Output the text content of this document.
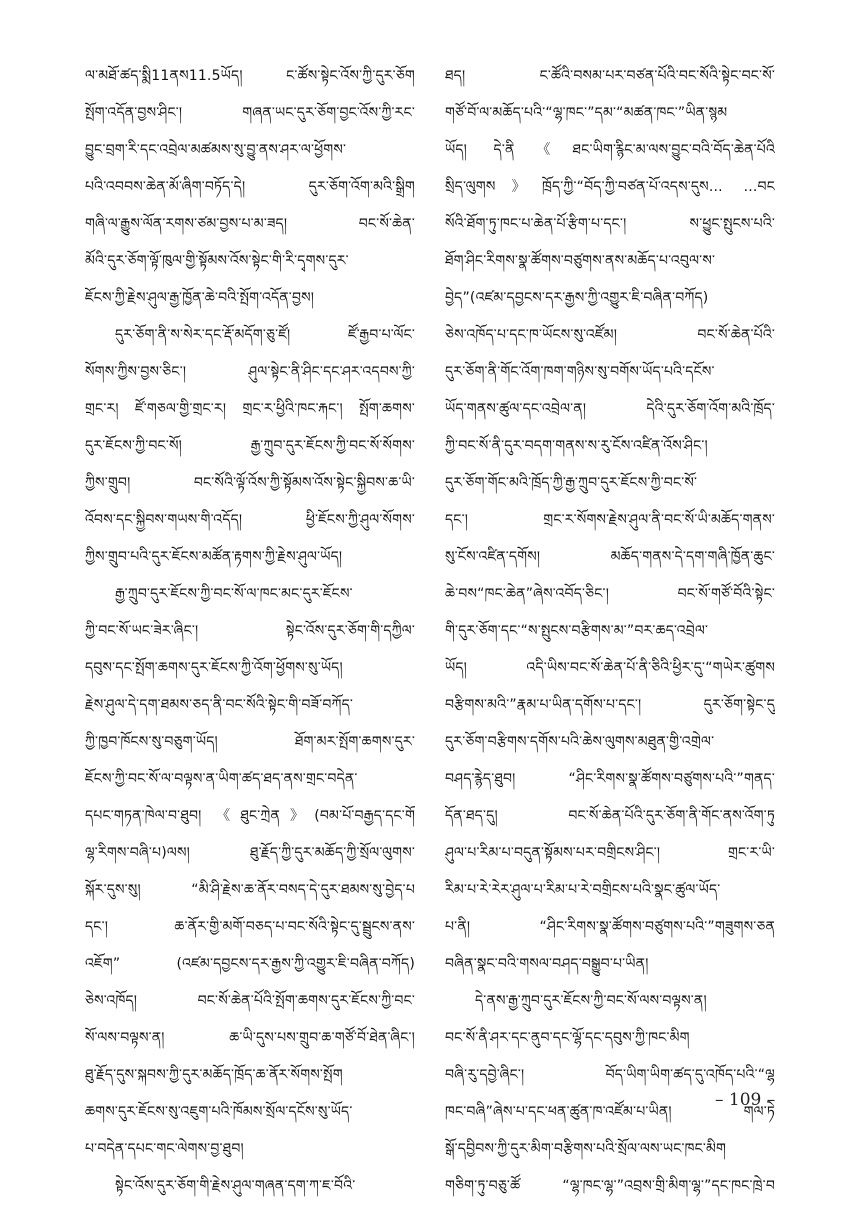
ལ་མཐོ་ཚད་སྨི11ནས11.5ཡོད། ང་ཚོས་སྟེང་འོས་ཀྱི་དུར་ཅོག
སྤོག་འདོན་བྱས་ཤིང་། གཞན་ཡང་དུར་ཅོག་བྱང་འོས་ཀྱི་རང་
བྱུང་བྲག་རི་དང་འབྲེལ་མཚམས་སུ་བྱུ་ནས་ཤར་ལ་ཕྱོགས་
པའི་འབབས་ཆེན་མོ་ཞིག་བཏོད་དེ། དུར་ཅོག་འོག་མའི་སྒྲིག
གཞི་ལ་རྒྱུས་ལོན་རགས་ཙམ་བྱས་པ་མ་ཟད། བང་སོ་ཆེན་
མོའི་དུར་ཅོག་ལྟོ་ཁུལ་གྱི་སྟོམས་འོས་སྟེང་གི་རི་དྭགས་དུར་
ཇོངས་ཀྱི་རྗེས་ཤུལ་རྒྱ་ཁྱོན་ཆེ་བའི་སྤོག་འདོན་བྱས།
དུར་ཅོག་ནི་ས་སེར་དང་རྡོ་མདོག་ཅུ་ཛོ། ཛོ་རྒྱབ་པ་ལོང་
སོགས་ཀྱིས་བྱས་ཅིང་། ཤུལ་སྟེང་ནི་ཤིང་དང་ཤར་འདབས་ཀྱི་
གྲང་ར། ཛོ་གཅལ་གྱི་གྲང་ར། གྲང་ར་ཕྱིའི་ཁང་རྐང་། སྤོག་ཆགས་
དུར་ཇོངས་ཀྱི་བང་སོ། རྒྱ་ཀྲུབ་དུར་ཇོངས་ཀྱི་བང་སོ་སོགས་
ཀྱིས་གྲུབ། བང་སོའི་ལྟོ་འོས་ཀྱི་སྟོམས་འོས་སྟེང་སྐྱིབས་ཆ་ཡི་
འོབས་དང་སྐྱིབས་གཡས་གི་འདོད། ཕྱི་ཇོངས་ཀྱི་ཤུལ་སོགས་
ཀྱིས་གྲུབ་པའི་དུར་ཇོངས་མཚོན་རྟགས་ཀྱི་རྗེས་ཤུལ་ཡོད།
རྒྱ་ཀྲུབ་དུར་ཇོངས་ཀྱི་བང་སོ་ལ་ཁང་མང་དུར་ཇོངས་
ཀྱི་བང་སོ་ཡང་ཟེར་ཞིང་། སྟེང་འོས་དུར་ཅོག་གི་དཀྱིལ་
དབུས་དང་སྤོག་ཆགས་དུར་ཇོངས་ཀྱི་འོག་ཕྱོགས་སུ་ཡོད།
རྗེས་ཤུལ་དེ་དག་ཐམས་ཅད་ནི་བང་སོའི་སྟེང་གི་བཟོ་བཀོད་
ཀྱི་ཁྱབ་ཁོངས་སུ་བཅུག་ཡོད། ཐོག་མར་སྤོག་ཆགས་དུར་
ཇོངས་ཀྱི་བང་སོ་ལ་བལྟས་ན་ཡིག་ཚད་ཐད་ནས་གྲང་བདེན་
དཔང་གཏན་ཁེལ་བ་ཐུབ། 《ཐུང་ཀྲེན》(བམ་པོ་བརྒྱད་དང་གོ
ལྷ་རིགས་བཞི་པ)ལས། ཐུ་རྗོད་ཀྱི་དུར་མཆོད་ཀྱི་སྲོལ་ལུགས་
སྐོར་དུས་སུ། “མི་ཤི་རྗེས་ཆ་ནོར་བསད་དེ་དུར་ཐམས་སུ་བྱེད་པ
དང་། ཆ་ནོར་གྱི་མགོ་བཅད་པ་བང་སོའི་སྟེང་དུ་སྦྲུངས་ནས་
འཇོག” (འཛམ་དབྱངས་དར་རྒྱས་ཀྱི་འགྱུར་ཇི་བཞིན་བཀོད)
ཅེས་འཁོད། བང་སོ་ཆེན་པོའི་སྤོག་ཆགས་དུར་ཇོངས་ཀྱི་བང་
སོ་ལས་བལྟས་ན། ཆ་ཡི་དུས་པས་གྲུབ་ཆ་གཙོ་བོ་ཐེན་ཞིང་།
ཐུ་རྗོད་དུས་སྐབས་ཀྱི་དུར་མཆོད་ཁྲོད་ཆ་ནོར་སོགས་སྤོག
ཆགས་དུར་ཇོངས་སུ་འཇུག་པའི་ཁོམས་སྲོལ་དངོས་སུ་ཡོད་
པ་བདེན་དཔང་གང་ལེགས་བྱ་ཐུབ།
སྟེང་འོས་དུར་ཅོག་གི་རྗེས་ཤུལ་གཞན་དག་ཀ་ཇ་བོའི་
ཐད། ང་ཚོའི་བསམ་པར་བཙན་པོའི་བང་སོའི་སྟེང་བང་སོ་
གཙོ་བོ་ལ་མཆོད་པའི་“ལྷ་ཁང་”དམ་“མཚན་ཁང་”ཡིན་སྙམ
ཡོད། དེ་ནི《ཐང་ཡིག་རྙིང་མ་ལས་བྱུང་བའི་བོད་ཆེན་པོའི
སྲིད་ལུགས》ཁྲོད་ཀྱི་“བོད་ཀྱི་བཙན་པོ་འདས་དུས... ...བང
སོའི་ཐོག་ཏུ་ཁང་པ་ཆེན་པོ་རྩིག་པ་དང་། ས་ཕྱུང་སྤུངས་པའི་
ཐོག་ཤིང་རིགས་སྣ་ཚོགས་བཙུགས་ནས་མཆོད་པ་འབུལ་ས་
བྱེད”(འཛམ་དབྱངས་དར་རྒྱས་ཀྱི་འགྱུར་ཇི་བཞིན་བཀོད)
ཅེས་འཁོད་པ་དང་ཁ་ཡོངས་སུ་འཛོམ། བང་སོ་ཆེན་པོའི་
དུར་ཅོག་ནི་གོང་འོག་ཁག་གཉིས་སུ་བགོས་ཡོད་པའི་དངོས་
ཡོད་གནས་ཚུལ་དང་འབྲེལ་ན། དེའི་དུར་ཅོག་འོག་མའི་ཁྲོད་
ཀྱི་བང་སོ་ནི་དུར་བདག་གནས་ས་རུ་ངོས་འཛིན་འོས་ཤིང་།
དུར་ཅོག་གོང་མའི་ཁྲོད་ཀྱི་རྒྱ་ཀྲུབ་དུར་ཇོངས་ཀྱི་བང་སོ་
དང་། གྲང་ར་སོགས་རྗེས་ཤུལ་ནི་བང་སོ་ཡི་མཆོད་གནས་
སུ་ངོས་འཛིན་དགོས། མཆོད་གནས་དེ་དག་གཞི་ཁྱོན་ཆུང་
ཆེ་བས“ཁང་ཆེན”ཞེས་འབོད་ཅིང་། བང་སོ་གཙོ་བོའི་སྟེང་
གི་དུར་ཅོག་དང་“ས་སྤུངས་བརྩིགས་མ་”བར་ཆད་འབྲེལ་
ཡོད། འདི་ཡིས་བང་སོ་ཆེན་པོ་ནི་ཅིའི་ཕྱིར་དུ་“གཡེར་ཚུགས
བརྩིགས་མའི་”རྣམ་པ་ཡིན་དགོས་པ་དང་། དུར་ཅོག་སྟེང་དུ
དུར་ཅོག་བརྩིགས་དགོས་པའི་ཆེས་ལུགས་མཐུན་གྱི་འགྲེལ་
བཤད་རྙེད་ཐུབ། “ཤིང་རིགས་སྣ་ཚོགས་བཙུགས་པའི་”གནད་
དོན་ཐད་དུ། བང་སོ་ཆེན་པོའི་དུར་ཅོག་ནི་གོང་ནས་འོག་ཏུ
ཤུལ་པ་རིམ་པ་བདུན་སྟོམས་པར་བགྲིངས་ཤིང་། གྲང་ར་ཡི་
རིམ་པ་རེ་རེར་ཤུལ་པ་རིམ་པ་རེ་བགྲིངས་པའི་སྣང་ཚུལ་ཡོད་
པ་ནི། “ཤིང་རིགས་སྣ་ཚོགས་བཙུགས་པའི་”གཟུགས་ཅན
བཞིན་སྣང་བའི་གསལ་བཤད་བསྒྱུབ་པ་ཡིན།
དེ་ནས་རྒྱ་ཀྲུབ་དུར་ཇོངས་ཀྱི་བང་སོ་ལས་བལྟས་ན།
བང་སོ་ནི་ཤར་དང་ནུབ་དང་ལྷོ་དང་དབུས་ཀྱི་ཁང་མིག
བཞི་རུ་དབྱེ་ཞིང་། བོད་ཡིག་ཡིག་ཚད་དུ་འཁོད་པའི་“ལྷ
ཁང་བཞི”ཞེས་པ་དང་ཕན་ཚུན་ཁ་འཛོམ་པ་ཡིན། གལ་ཏེ
སྒོ་དབྱིབས་ཀྱི་དུར་མིག་བརྩིགས་པའི་སྲོལ་ལས་ཡང་ཁང་མིག
གཅིག་ཏུ་བཅུ་ཚོ “ལྷ་ཁང་ལྷ་”འབྲས་གྲི་མིག་ལྷ་”དང་ཁང་ཁྲེ་བ
– 109 –
